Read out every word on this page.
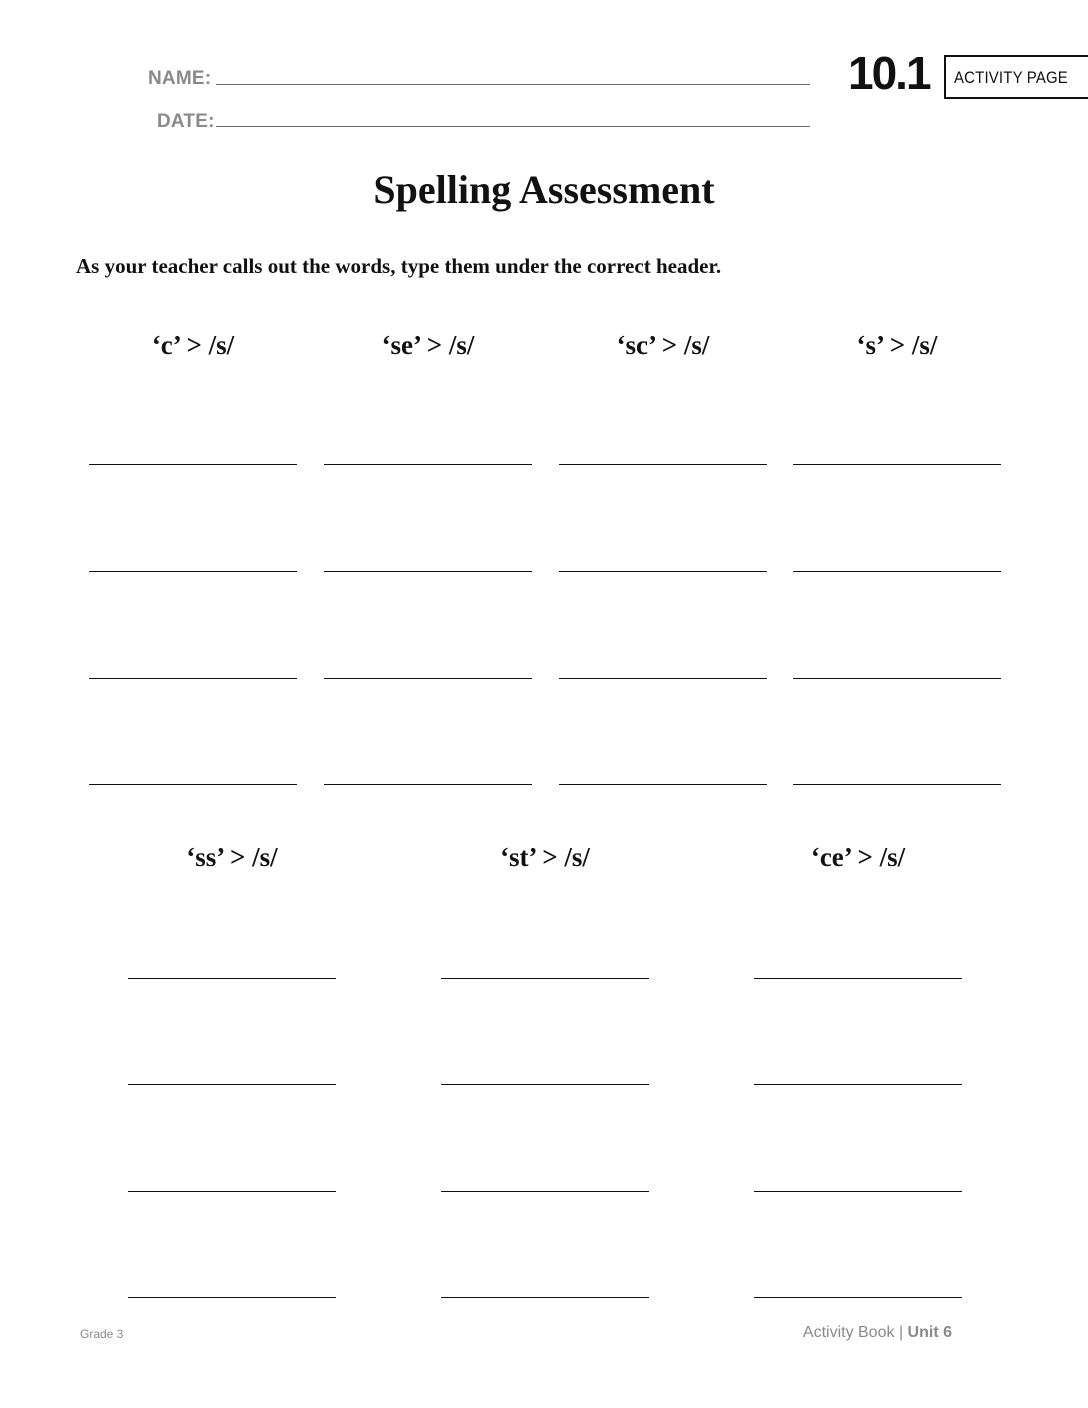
NAME:
DATE:
10.1 ACTIVITY PAGE
Spelling Assessment
As your teacher calls out the words, type them under the correct header.
‘c’ > /s/	‘se’ > /s/	‘sc’ > /s/	‘s’ > /s/
‘ss’ > /s/	‘st’ > /s/	‘ce’ > /s/
Grade 3	Activity Book | Unit 6
